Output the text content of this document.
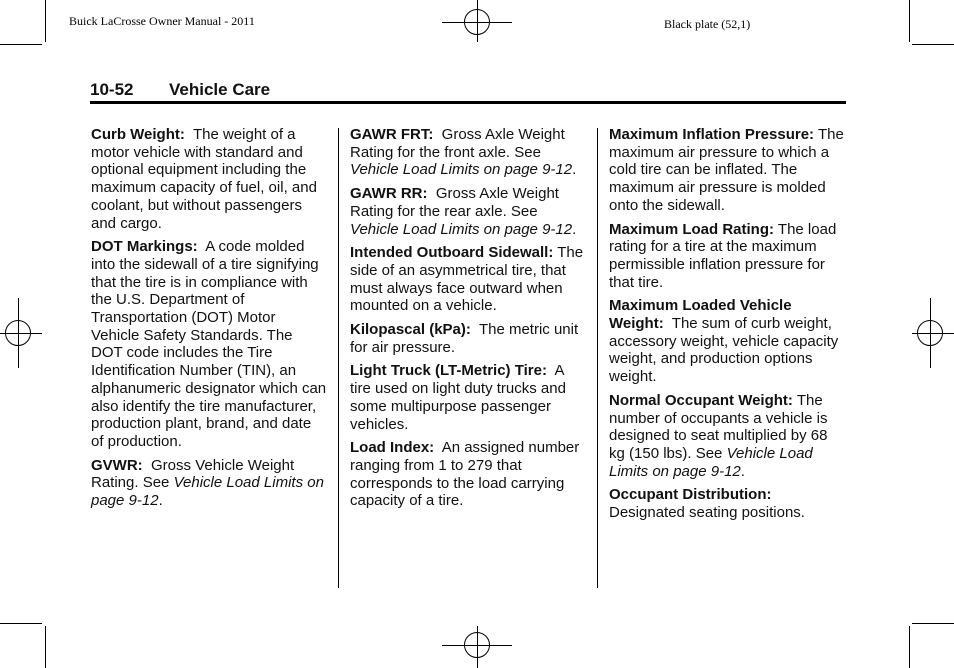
Buick LaCrosse Owner Manual - 2011	Black plate (52,1)
10-52 Vehicle Care

Curb Weight: The weight of a motor vehicle with standard and optional equipment including the maximum capacity of fuel, oil, and coolant, but without passengers and cargo.

DOT Markings: A code molded into the sidewall of a tire signifying that the tire is in compliance with the U.S. Department of Transportation (DOT) Motor Vehicle Safety Standards. The DOT code includes the Tire Identification Number (TIN), an alphanumeric designator which can also identify the tire manufacturer, production plant, brand, and date of production.

GVWR: Gross Vehicle Weight Rating. See Vehicle Load Limits on page 9-12.

GAWR FRT: Gross Axle Weight Rating for the front axle. See Vehicle Load Limits on page 9-12.

GAWR RR: Gross Axle Weight Rating for the rear axle. See Vehicle Load Limits on page 9-12.

Intended Outboard Sidewall: The side of an asymmetrical tire, that must always face outward when mounted on a vehicle.

Kilopascal (kPa): The metric unit for air pressure.

Light Truck (LT-Metric) Tire: A tire used on light duty trucks and some multipurpose passenger vehicles.

Load Index: An assigned number ranging from 1 to 279 that corresponds to the load carrying capacity of a tire.

Maximum Inflation Pressure: The maximum air pressure to which a cold tire can be inflated. The maximum air pressure is molded onto the sidewall.

Maximum Load Rating: The load rating for a tire at the maximum permissible inflation pressure for that tire.

Maximum Loaded Vehicle Weight: The sum of curb weight, accessory weight, vehicle capacity weight, and production options weight.

Normal Occupant Weight: The number of occupants a vehicle is designed to seat multiplied by 68 kg (150 lbs). See Vehicle Load Limits on page 9-12.

Occupant Distribution: Designated seating positions.
